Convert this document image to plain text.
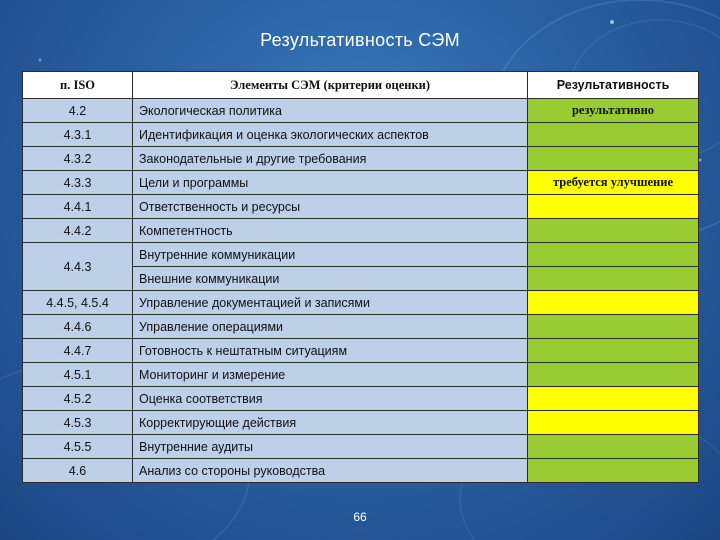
Результативность СЭМ
п. ISO	Элементы СЭМ (критерии оценки)	Результативность
4.2	Экологическая политика	результативно
4.3.1	Идентификация и оценка экологических аспектов	
4.3.2	Законодательные и другие требования	
4.3.3	Цели и программы	требуется улучшение
4.4.1	Ответственность и ресурсы	
4.4.2	Компетентность	
4.4.3	Внутренние коммуникации	
	Внешние коммуникации	
4.4.5, 4.5.4	Управление документацией и записями	
4.4.6	Управление операциями	
4.4.7	Готовность к нештатным ситуациям	
4.5.1	Мониторинг и измерение	
4.5.2	Оценка соответствия	
4.5.3	Корректирующие действия	
4.5.5	Внутренние аудиты	
4.6	Анализ со стороны руководства	
66
